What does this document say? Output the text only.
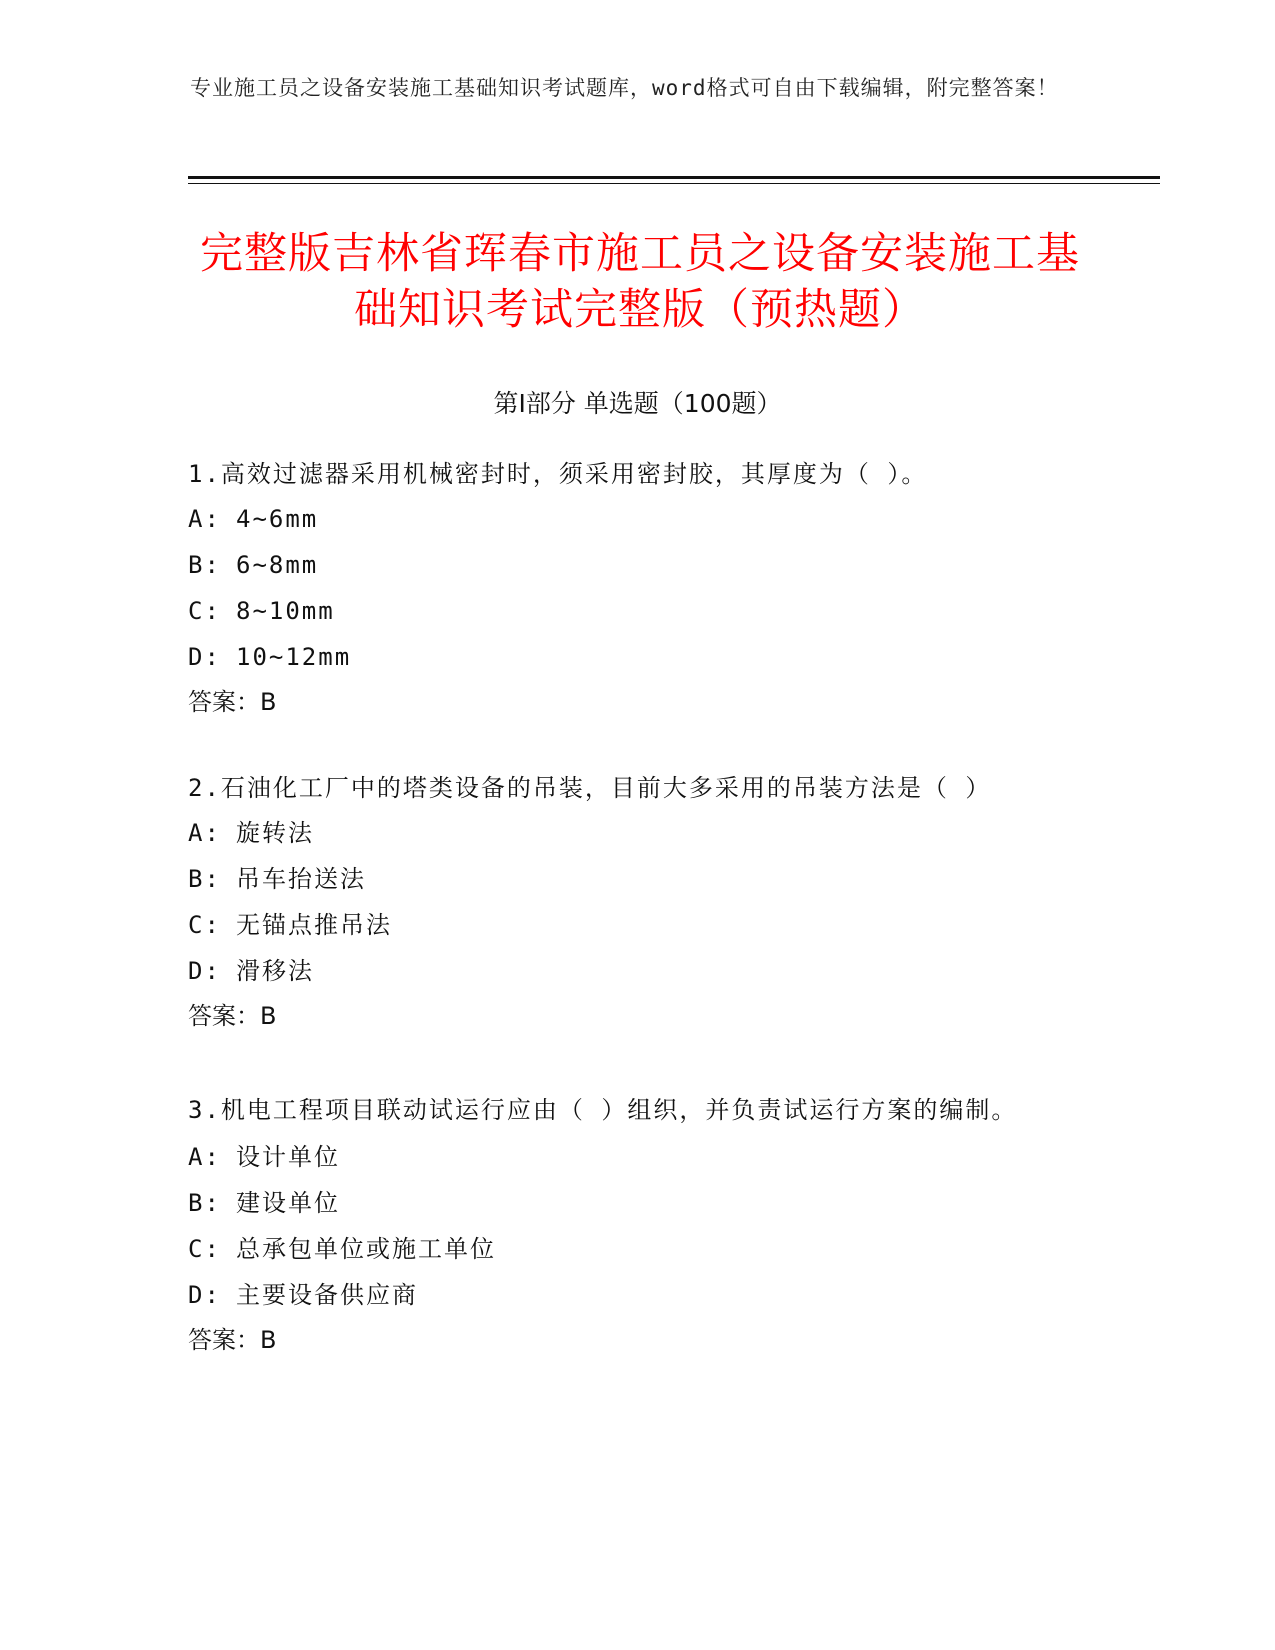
专业施工员之设备安装施工基础知识考试题库，word格式可自由下载编辑，附完整答案！
完整版吉林省珲春市施工员之设备安装施工基础知识考试完整版（预热题）
第Ⅰ部分 单选题（100题）
1.高效过滤器采用机械密封时，须采用密封胶，其厚度为（ ）。
A: 4~6mm
B: 6~8mm
C: 8~10mm
D: 10~12mm
答案：B
2.石油化工厂中的塔类设备的吊装，目前大多采用的吊装方法是（ ）
A: 旋转法
B: 吊车抬送法
C: 无锚点推吊法
D: 滑移法
答案：B
3.机电工程项目联动试运行应由（ ）组织，并负责试运行方案的编制。
A: 设计单位
B: 建设单位
C: 总承包单位或施工单位
D: 主要设备供应商
答案：B
